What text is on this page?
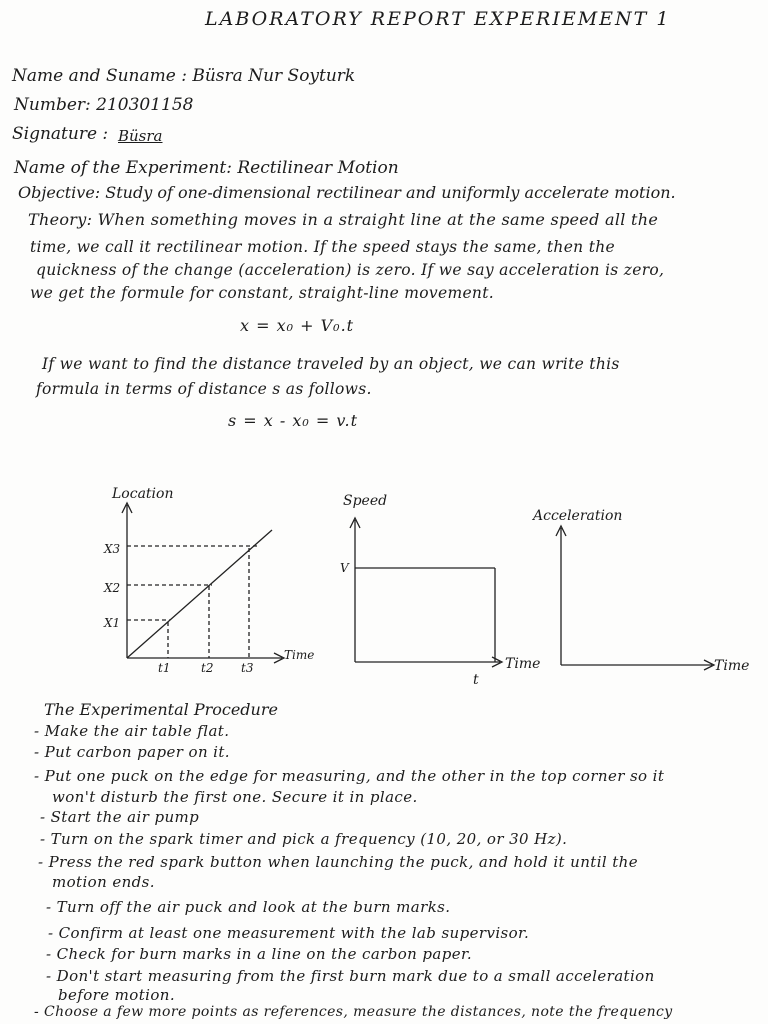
LABORATORY REPORT EXPERIEMENT 1
Name and Suname : Büsra Nur Soyturk
Number: 210301158
Signature : Büsra
Name of the Experiment: Rectilinear Motion
Objective: Study of one-dimensional rectilinear and uniformly accelerate motion.
Theory: When something moves in a straight line at the same speed all the
time, we call it rectilinear motion. If the speed stays the same, then the
quickness of the change (acceleration) is zero. If we say acceleration is zero,
we get the formule for constant, straight-line movement.
x = x₀ + V₀.t
If we want to find the distance traveled by an object, we can write this
formula in terms of distance s as follows.
s = x - x₀ = v.t
Location
Time
X3
X2
X1
t1	t2 t3
Speed
V
Time
t
Acceleration
Time
The Experimental Procedure
- Make the air table flat.
- Put carbon paper on it.
- Put one puck on the edge for measuring, and the other in the top corner so it
won't disturb the first one. Secure it in place.
- Start the air pump
- Turn on the spark timer and pick a frequency (10, 20, or 30 Hz).
- Press the red spark button when launching the puck, and hold it until the
motion ends.
- Turn off the air puck and look at the burn marks.
- Confirm at least one measurement with the lab supervisor.
- Check for burn marks in a line on the carbon paper.
- Don't start measuring from the first burn mark due to a small acceleration
before motion.
- Choose a few more points as references, measure the distances, note the frequency
